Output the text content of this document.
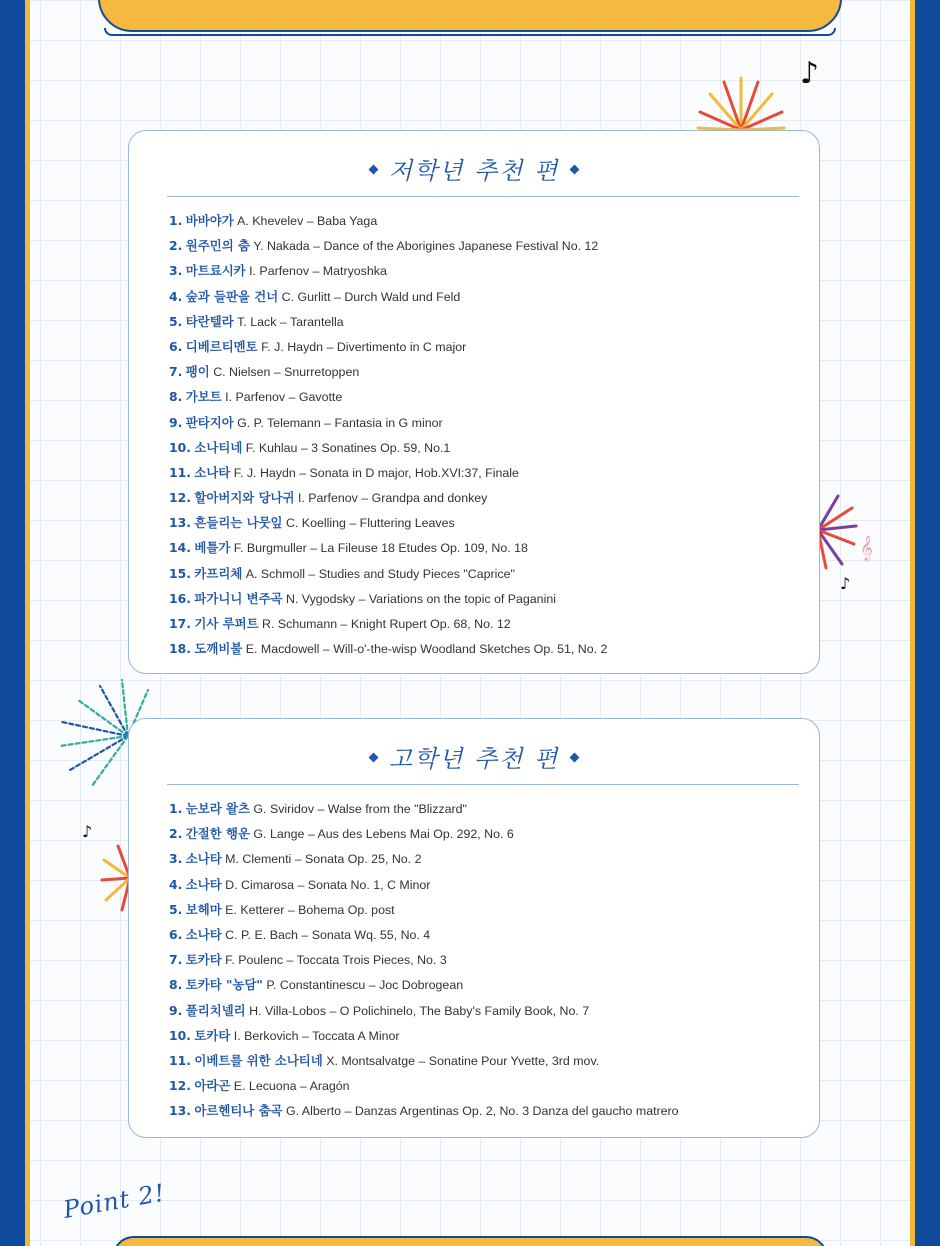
♪
𝄞
♪
♪
저학년 추천 편
1. 바바야가 A. Khevelev – Baba Yaga
2. 원주민의 춤 Y. Nakada – Dance of the Aborigines Japanese Festival No. 12
3. 마트료시카 I. Parfenov – Matryoshka
4. 숲과 들판을 건너 C. Gurlitt – Durch Wald und Feld
5. 타란텔라 T. Lack – Tarantella
6. 디베르티멘토 F. J. Haydn – Divertimento in C major
7. 팽이 C. Nielsen – Snurretoppen
8. 가보트 I. Parfenov – Gavotte
9. 판타지아 G. P. Telemann – Fantasia in G minor
10. 소나티네 F. Kuhlau – 3 Sonatines Op. 59, No.1
11. 소나타 F. J. Haydn – Sonata in D major, Hob.XVI:37, Finale
12. 할아버지와 당나귀 I. Parfenov – Grandpa and donkey
13. 흔들리는 나뭇잎 C. Koelling – Fluttering Leaves
14. 베틀가 F. Burgmuller – La Fileuse 18 Etudes Op. 109, No. 18
15. 카프리체 A. Schmoll – Studies and Study Pieces "Caprice"
16. 파가니니 변주곡 N. Vygodsky – Variations on the topic of Paganini
17. 기사 루퍼트 R. Schumann – Knight Rupert Op. 68, No. 12
18. 도깨비불 E. Macdowell – Will-o'-the-wisp Woodland Sketches Op. 51, No. 2
고학년 추천 편
1. 눈보라 왈츠 G. Sviridov – Walse from the "Blizzard"
2. 간절한 행운 G. Lange – Aus des Lebens Mai Op. 292, No. 6
3. 소나타 M. Clementi – Sonata Op. 25, No. 2
4. 소나타 D. Cimarosa – Sonata No. 1, C Minor
5. 보헤마 E. Ketterer – Bohema Op. post
6. 소나타 C. P. E. Bach – Sonata Wq. 55, No. 4
7. 토카타 F. Poulenc – Toccata Trois Pieces, No. 3
8. 토카타 "농담" P. Constantinescu – Joc Dobrogean
9. 풀리치넬리 H. Villa-Lobos – O Polichinelo, The Baby's Family Book, No. 7
10. 토카타 I. Berkovich – Toccata A Minor
11. 이베트를 위한 소나티네 X. Montsalvatge – Sonatine Pour Yvette, 3rd mov.
12. 아라곤 E. Lecuona – Aragón
13. 아르헨티나 춤곡 G. Alberto – Danzas Argentinas Op. 2, No. 3 Danza del gaucho matrero
Point 2!
